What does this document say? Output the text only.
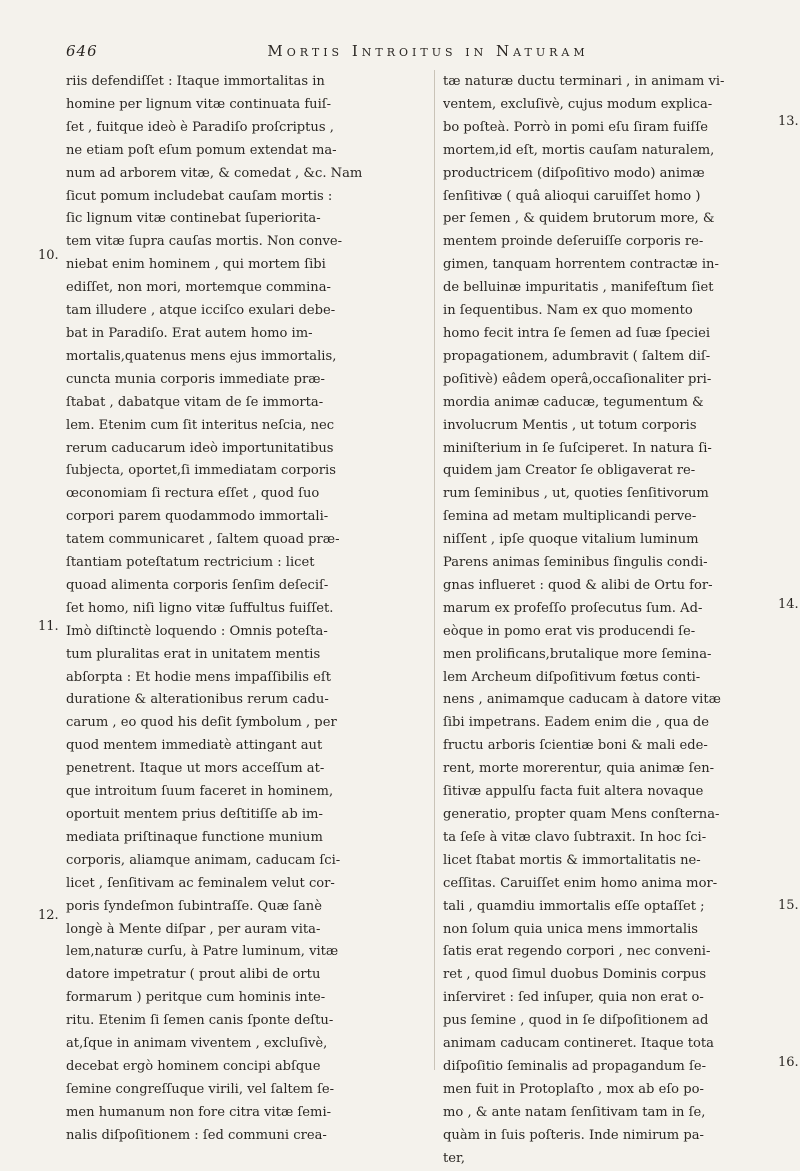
646	Mortis Introitus in Naturam
riis defendiſſet : Itaque immortalitas in
homine per lignum vitæ continuata fuiſ-
ſet , fuitque ideò è Paradiſo proſcriptus ,
ne etiam poſt eſum pomum extendat ma-
num ad arborem vitæ, & comedat , &c. Nam
ſicut pomum includebat cauſam mortis :
ſic lignum vitæ continebat ſuperiorita-
tem vitæ ſupra cauſas mortis. Non conve-
niebat enim hominem , qui mortem ſibi
ediſſet, non mori, mortemque commina-
tam illudere , atque icciſco exulari debe-
bat in Paradiſo. Erat autem homo im-
mortalis,quatenus mens ejus immortalis,
cuncta munia corporis immediate præ-
ſtabat , dabatque vitam de ſe immorta-
lem. Etenim cum ſit interitus neſcia, nec
rerum caducarum ideò importunitatibus
ſubjecta, oportet,ſi immediatam corporis
œconomiam ſi rectura eſſet , quod ſuo
corpori parem quodammodo immortali-
tatem communicaret , ſaltem quoad præ-
ſtantiam poteſtatum rectricium : licet
quoad alimenta corporis ſenſim deſeciſ-
ſet homo, niſi ligno vitæ ſuffultus fuiſſet.
Imò diſtinctè loquendo : Omnis poteſta-
tum pluralitas erat in unitatem mentis
abſorpta : Et hodie mens impaſſibilis eſt
duratione & alterationibus rerum cadu-
carum , eo quod his deſit ſymbolum , per
quod mentem immediatè attingant aut
penetrent. Itaque ut mors acceſſum at-
que introitum ſuum faceret in hominem,
oportuit mentem prius deſtitiſſe ab im-
mediata priſtinaque functione munium
corporis, aliamque animam, caducam ſci-
licet , ſenſitivam ac feminalem velut cor-
poris ſyndeſmon ſubintraſſe. Quæ ſanè
longè à Mente diſpar , per auram vita-
lem,naturæ curſu, à Patre luminum, vitæ
datore impetratur ( prout alibi de ortu
formarum ) peritque cum hominis inte-
ritu. Etenim ſi ſemen canis ſponte deſtu-
at,ſque in animam viventem , excluſivè,
decebat ergò hominem concipi abſque
ſemine congreſſuque virili, vel ſaltem ſe-
men humanum non fore citra vitæ ſemi-
nalis diſpoſitionem : ſed communi crea-
tæ naturæ ductu terminari , in animam vi-
ventem, excluſivè, cujus modum explica-
bo poſteà. Porrò in pomi eſu ſiram fuiſſe
mortem,id eſt, mortis cauſam naturalem,
productricem (diſpoſitivo modo) animæ
ſenſitivæ ( quâ alioqui caruiſſet homo )
per ſemen , & quidem brutorum more, &
mentem proinde deſeruiſſe corporis re-
gimen, tanquam horrentem contractæ in-
de belluinæ impuritatis , manifeſtum ſiet
in ſequentibus. Nam ex quo momento
homo fecit intra ſe ſemen ad ſuæ ſpeciei
propagationem, adumbravit ( ſaltem diſ-
poſitivè) eâdem operâ,occaſionaliter pri-
mordia animæ caducæ, tegumentum &
involucrum Mentis , ut totum corporis
miniſterium in ſe ſuſciperet. In natura ſi-
quidem jam Creator ſe obligaverat re-
rum ſeminibus , ut, quoties ſenſitivorum
ſemina ad metam multiplicandi perve-
niſſent , ipſe quoque vitalium luminum
Parens animas ſeminibus ſingulis condi-
gnas influeret : quod & alibi de Ortu for-
marum ex profeſſo proſecutus ſum. Ad-
eòque in pomo erat vis producendi ſe-
men prolificans,brutalique more ſemina-
lem Archeum diſpoſitivum fœtus conti-
nens , animamque caducam à datore vitæ
ſibi impetrans. Eadem enim die , qua de
fructu arboris ſcientiæ boni & mali ede-
rent, morte morerentur, quia animæ ſen-
ſitivæ appulſu facta fuit altera novaque
generatio, propter quam Mens conſterna-
ta ſeſe à vitæ clavo ſubtraxit. In hoc ſci-
licet ſtabat mortis & immortalitatis ne-
ceſſitas. Caruiſſet enim homo anima mor-
tali , quamdiu immortalis eſſe optaſſet ;
non ſolum quia unica mens immortalis
ſatis erat regendo corpori , nec conveni-
ret , quod ſimul duobus Dominis corpus
inſerviret : ſed inſuper, quia non erat o-
pus ſemine , quod in ſe diſpoſitionem ad
animam caducam contineret. Itaque tota
diſpoſitio ſeminalis ad propagandum ſe-
men fuit in Protoplaſto , mox ab eſo po-
mo , & ante natam ſenſitivam tam in ſe,
quàm in ſuis poſteris. Inde nimirum pa-
ter,
10.
11.
12.
13.
14.
15.
16.
